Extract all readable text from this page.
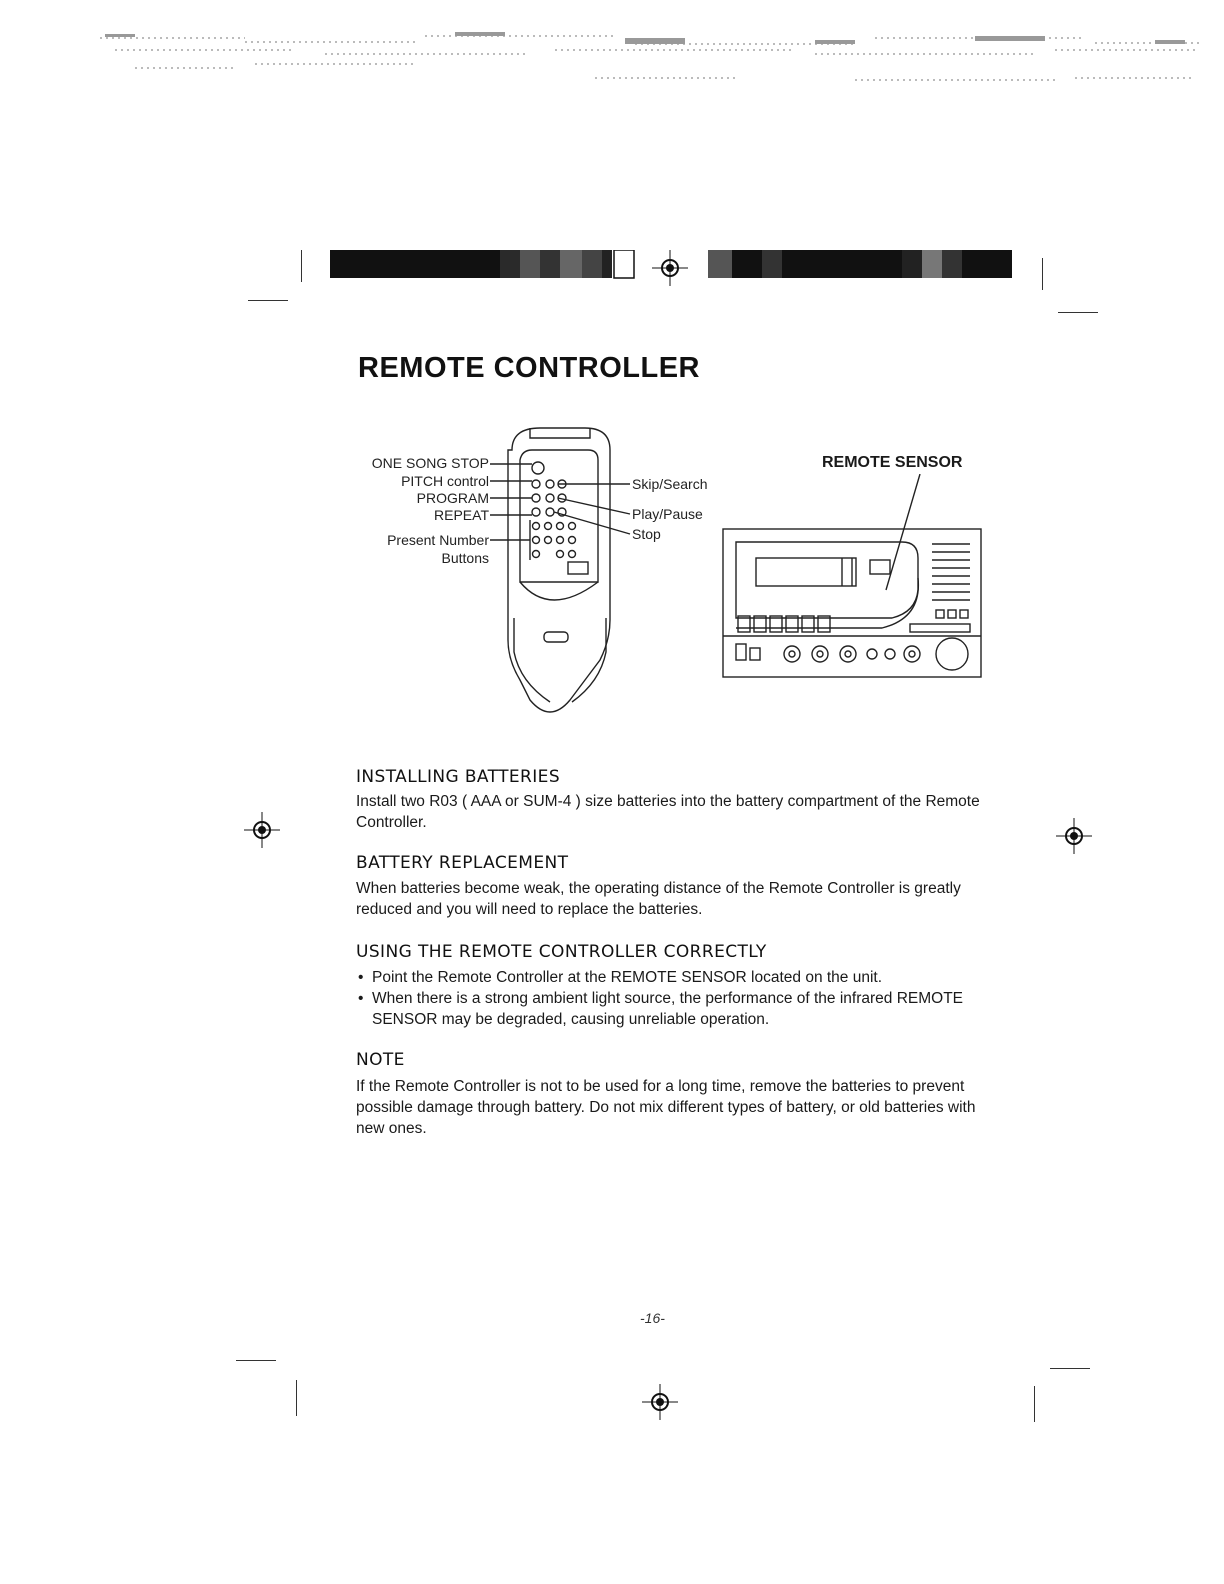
REMOTE CONTROLLER
ONE SONG STOP
PITCH control
PROGRAM
REPEAT
Present Number
Buttons
Skip/Search
Play/Pause
Stop
REMOTE SENSOR
INSTALLING BATTERIES
Install two R03 ( AAA or SUM-4 ) size batteries into the battery compartment of the Remote Controller.
BATTERY REPLACEMENT
When batteries become weak, the operating distance of the Remote Controller is greatly reduced and you will need to replace the batteries.
USING THE REMOTE CONTROLLER CORRECTLY
• Point the Remote Controller at the REMOTE SENSOR located on the unit.
• When there is a strong ambient light source, the performance of the infrared REMOTE SENSOR may be degraded, causing unreliable operation.
NOTE
If the Remote Controller is not to be used for a long time, remove the batteries to prevent possible damage through battery. Do not mix different types of battery, or old batteries with new ones.
-16-
